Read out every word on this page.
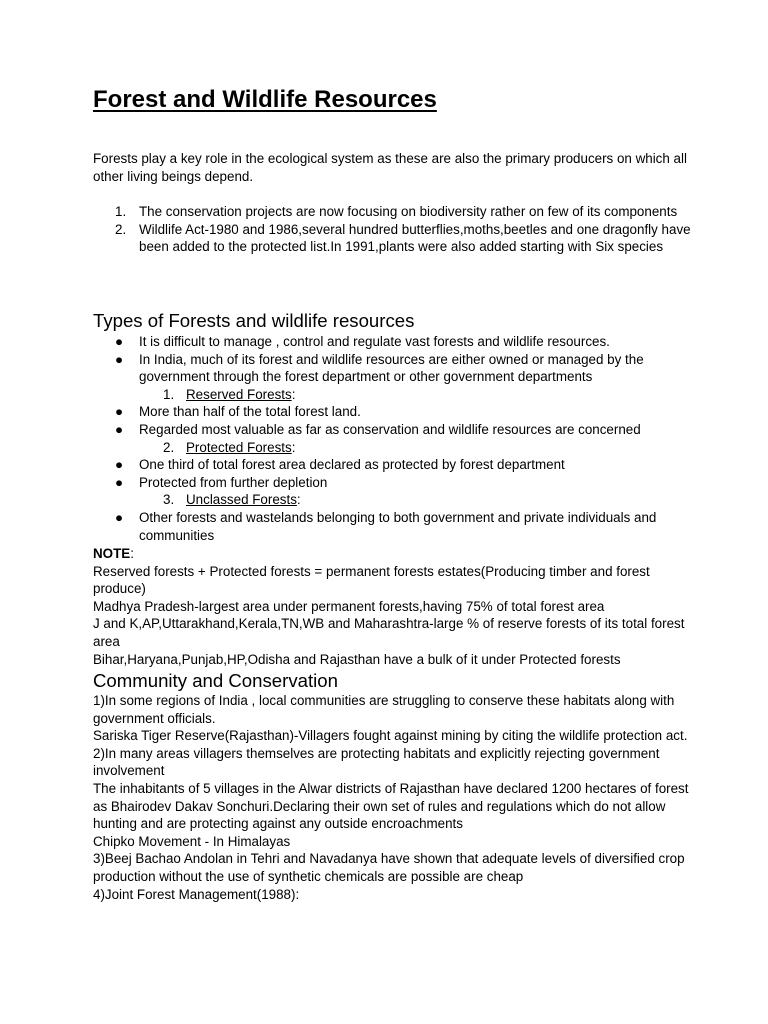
Forest and Wildlife Resources

Forests play a key role in the ecological system as these are also the primary producers on which all other living beings depend.

1. The conservation projects are now focusing on biodiversity rather on few of its components
2. Wildlife Act-1980 and 1986,several hundred butterflies,moths,beetles and one dragonfly have been added to the protected list.In 1991,plants were also added starting with Six species
Types of Forests and wildlife resources
● It is difficult to manage , control and regulate vast forests and wildlife resources.
● In India, much of its forest and wildlife resources are either owned or managed by the government through the forest department or other government departments
1. Reserved Forests:
● More than half of the total forest land.
● Regarded most valuable as far as conservation and wildlife resources are concerned
2. Protected Forests:
● One third of total forest area declared as protected by forest department
● Protected from further depletion
3. Unclassed Forests:
● Other forests and wastelands belonging to both government and private individuals and communities

NOTE:

Reserved forests + Protected forests = permanent forests estates(Producing timber and forest produce)

Madhya Pradesh-largest area under permanent forests,having 75% of total forest area

J and K,AP,Uttarakhand,Kerala,TN,WB and Maharashtra-large % of reserve forests of its total forest area

Bihar,Haryana,Punjab,HP,Odisha and Rajasthan have a bulk of it under Protected forests

Community and Conservation

1)In some regions of India , local communities are struggling to conserve these habitats along with government officials.

Sariska Tiger Reserve(Rajasthan)-Villagers fought against mining by citing the wildlife protection act.

2)In many areas villagers themselves are protecting habitats and explicitly rejecting government involvement

The inhabitants of 5 villages in the Alwar districts of Rajasthan have declared 1200 hectares of forest as Bhairodev Dakav Sonchuri.Declaring their own set of rules and regulations which do not allow hunting and are protecting against any outside encroachments

Chipko Movement - In Himalayas

3)Beej Bachao Andolan in Tehri and Navadanya have shown that adequate levels of diversified crop production without the use of synthetic chemicals are possible are cheap

4)Joint Forest Management(1988):
